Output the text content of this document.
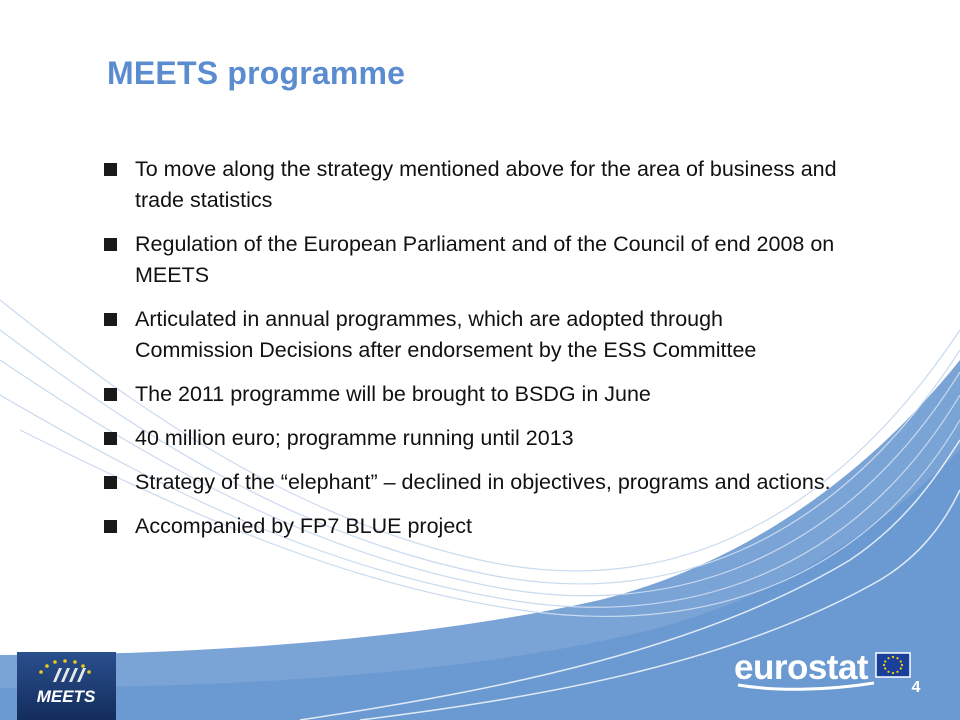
MEETS programme
To move along the strategy mentioned above for the area of business and trade statistics
Regulation of the European Parliament and of the Council of end 2008 on MEETS
Articulated in annual programmes, which are adopted through Commission Decisions after endorsement by the ESS Committee
The 2011 programme will be brought to BSDG in June
40 million euro; programme running until 2013
Strategy of the “elephant” – declined in objectives, programs and actions.
Accompanied by FP7 BLUE project
MEETS
eurostat
4
